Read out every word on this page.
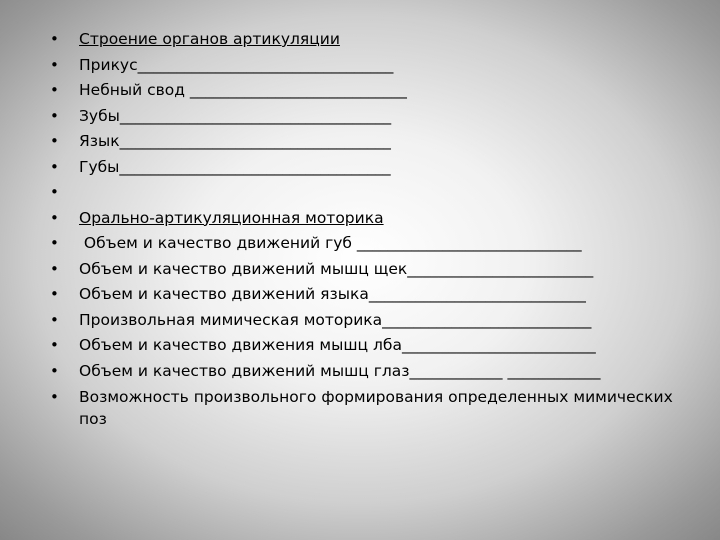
• Строение органов артикуляции
• Прикус_________________________________
• Небный свод ____________________________
• Зубы___________________________________
• Язык___________________________________
• Губы___________________________________
•
• Орально-артикуляционная моторика
• Объем и качество движений губ _____________________________
• Объем и качество движений мышц щек________________________
• Объем и качество движений языка____________________________
• Произвольная мимическая моторика___________________________
• Объем и качество движения мышц лба_________________________
• Объем и качество движений мышц глаз____________ ____________
• Возможность произвольного формирования определенных мимических поз
